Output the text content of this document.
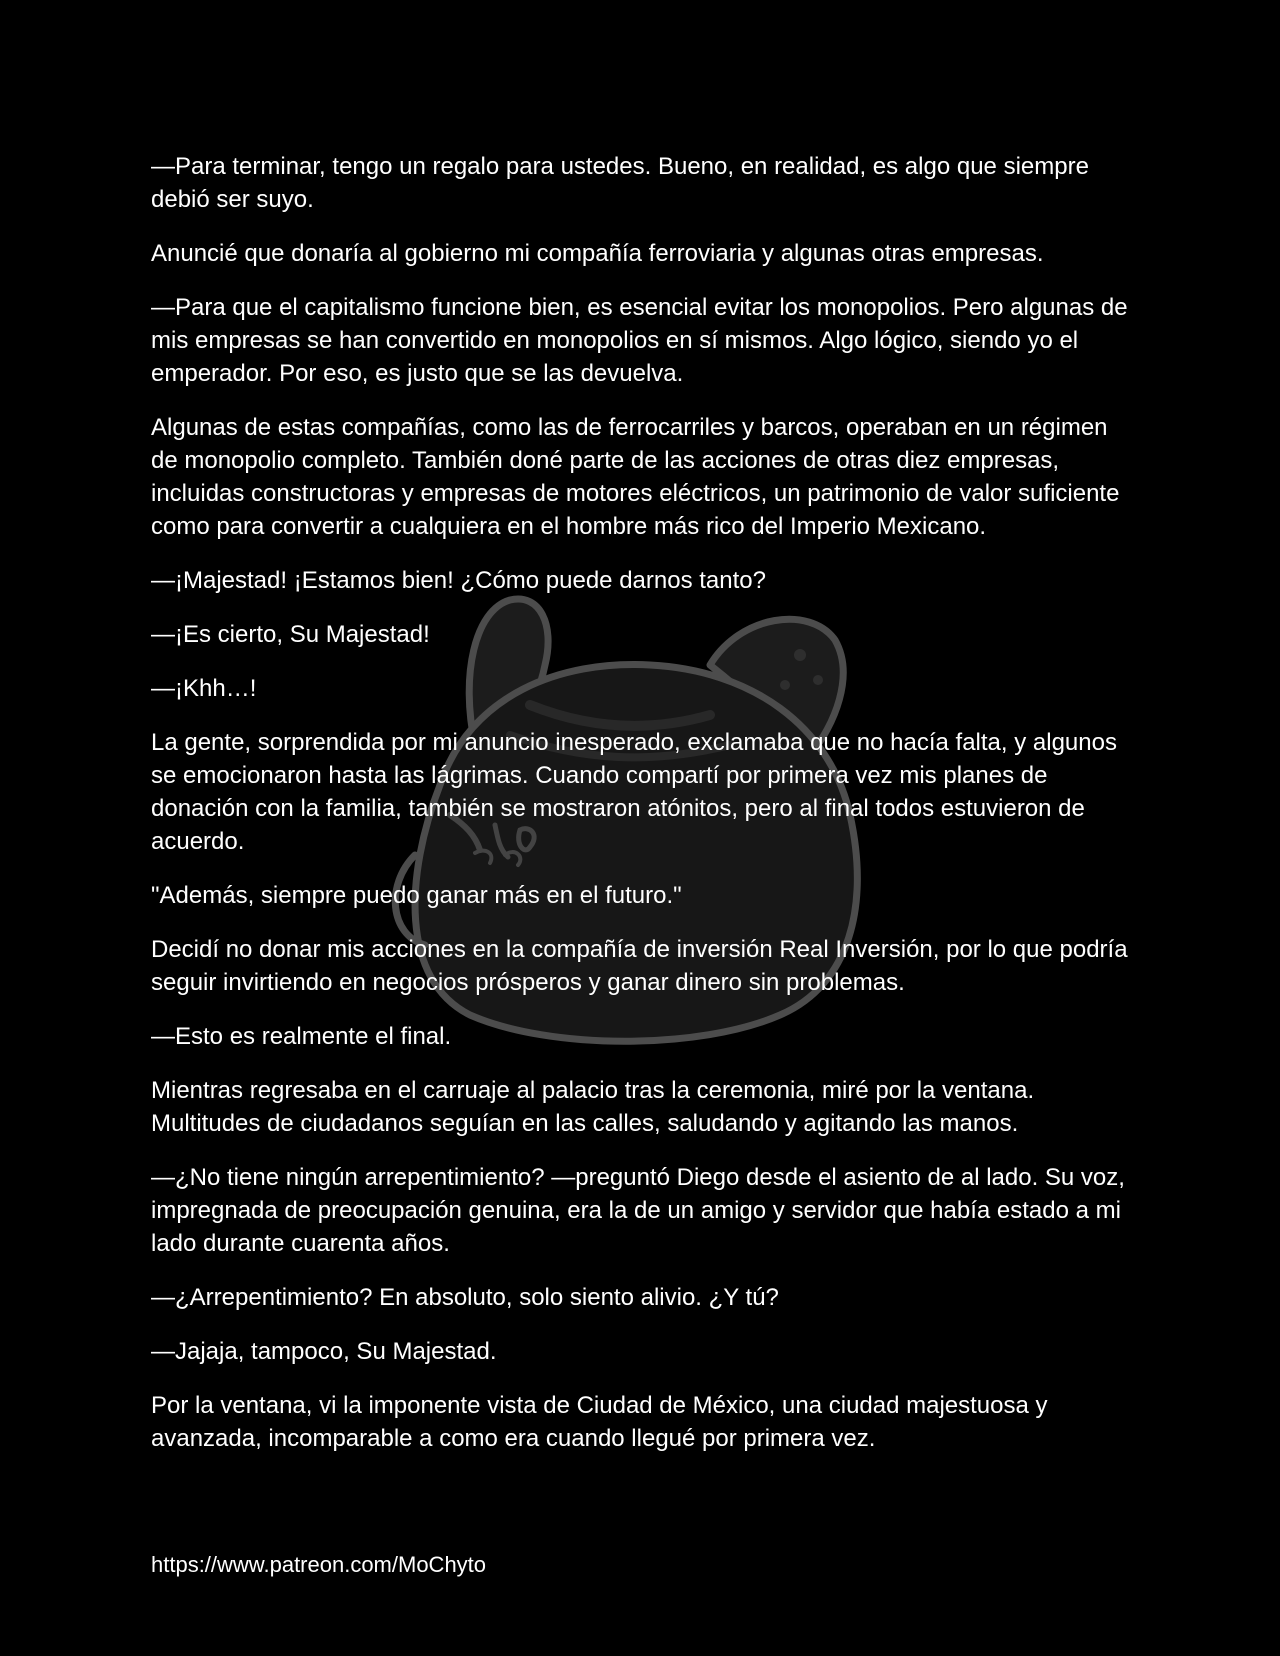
—Para terminar, tengo un regalo para ustedes. Bueno, en realidad, es algo que siempre debió ser suyo.

Anuncié que donaría al gobierno mi compañía ferroviaria y algunas otras empresas.

—Para que el capitalismo funcione bien, es esencial evitar los monopolios. Pero algunas de mis empresas se han convertido en monopolios en sí mismos. Algo lógico, siendo yo el emperador. Por eso, es justo que se las devuelva.

Algunas de estas compañías, como las de ferrocarriles y barcos, operaban en un régimen de monopolio completo. También doné parte de las acciones de otras diez empresas, incluidas constructoras y empresas de motores eléctricos, un patrimonio de valor suficiente como para convertir a cualquiera en el hombre más rico del Imperio Mexicano.

—¡Majestad! ¡Estamos bien! ¿Cómo puede darnos tanto?

—¡Es cierto, Su Majestad!

—¡Khh…!

La gente, sorprendida por mi anuncio inesperado, exclamaba que no hacía falta, y algunos se emocionaron hasta las lágrimas. Cuando compartí por primera vez mis planes de donación con la familia, también se mostraron atónitos, pero al final todos estuvieron de acuerdo.

"Además, siempre puedo ganar más en el futuro."

Decidí no donar mis acciones en la compañía de inversión Real Inversión, por lo que podría seguir invirtiendo en negocios prósperos y ganar dinero sin problemas.

—Esto es realmente el final.

Mientras regresaba en el carruaje al palacio tras la ceremonia, miré por la ventana. Multitudes de ciudadanos seguían en las calles, saludando y agitando las manos.

—¿No tiene ningún arrepentimiento? —preguntó Diego desde el asiento de al lado. Su voz, impregnada de preocupación genuina, era la de un amigo y servidor que había estado a mi lado durante cuarenta años.

—¿Arrepentimiento? En absoluto, solo siento alivio. ¿Y tú?

—Jajaja, tampoco, Su Majestad.

Por la ventana, vi la imponente vista de Ciudad de México, una ciudad majestuosa y avanzada, incomparable a como era cuando llegué por primera vez.

https://www.patreon.com/MoChyto
